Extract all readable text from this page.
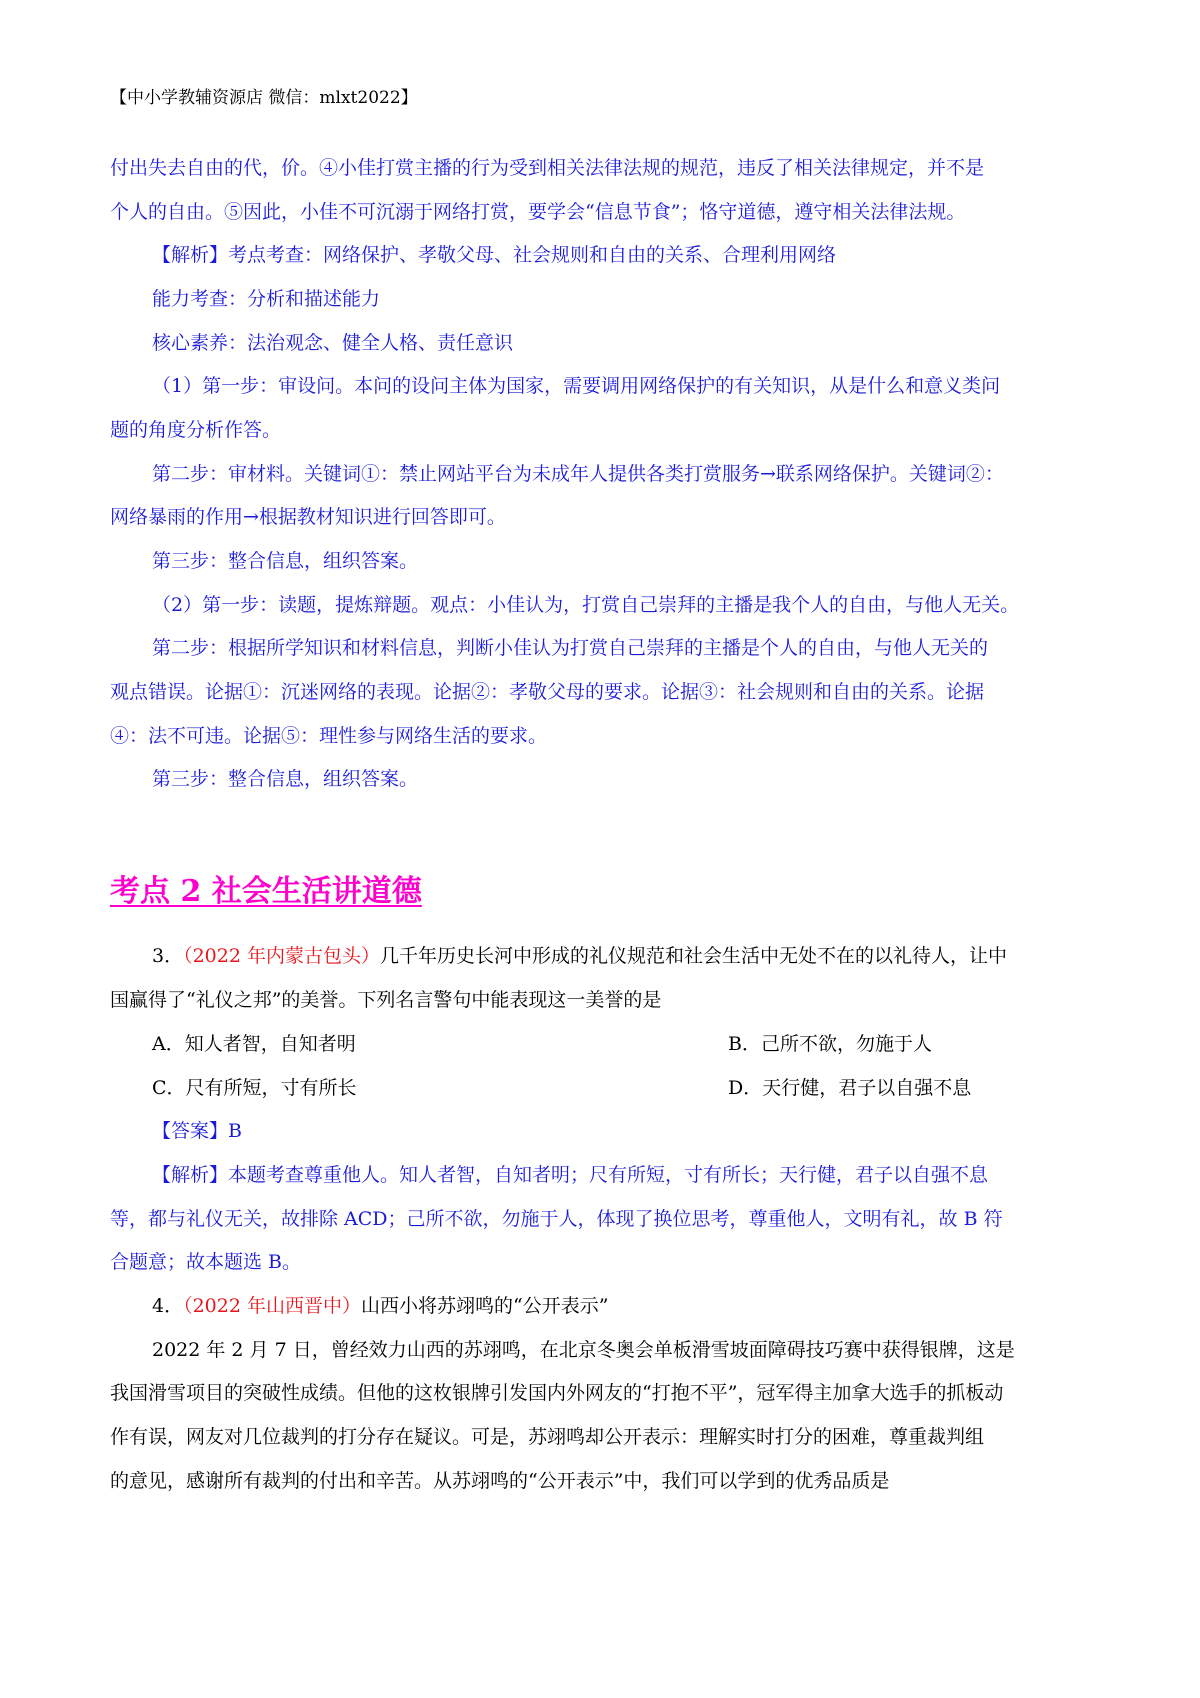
【中小学教辅资源店 微信：mlxt2022】
付出失去自由的代，价。④小佳打赏主播的行为受到相关法律法规的规范，违反了相关法律规定，并不是
个人的自由。⑤因此，小佳不可沉溺于网络打赏，要学会“信息节食”；恪守道德，遵守相关法律法规。
【解析】考点考查：网络保护、孝敬父母、社会规则和自由的关系、合理利用网络
能力考查：分析和描述能力
核心素养：法治观念、健全人格、责任意识
（1）第一步：审设问。本问的设问主体为国家，需要调用网络保护的有关知识，从是什么和意义类问
题的角度分析作答。
第二步：审材料。关键词①：禁止网站平台为未成年人提供各类打赏服务→联系网络保护。关键词②：
网络暴雨的作用→根据教材知识进行回答即可。
第三步：整合信息，组织答案。
（2）第一步：读题，提炼辩题。观点：小佳认为，打赏自己崇拜的主播是我个人的自由，与他人无关。
第二步：根据所学知识和材料信息，判断小佳认为打赏自己崇拜的主播是个人的自由，与他人无关的
观点错误。论据①：沉迷网络的表现。论据②：孝敬父母的要求。论据③：社会规则和自由的关系。论据
④：法不可违。论据⑤：理性参与网络生活的要求。
第三步：整合信息，组织答案。
考点 2 社会生活讲道德
3．（2022 年内蒙古包头）几千年历史长河中形成的礼仪规范和社会生活中无处不在的以礼待人，让中
国赢得了“礼仪之邦”的美誉。下列名言警句中能表现这一美誉的是
A．知人者智，自知者明	B．己所不欲，勿施于人
C．尺有所短，寸有所长	D．天行健，君子以自强不息
【答案】B
【解析】本题考查尊重他人。知人者智，自知者明；尺有所短，寸有所长；天行健，君子以自强不息
等，都与礼仪无关，故排除 ACD；己所不欲，勿施于人，体现了换位思考，尊重他人，文明有礼，故 B 符
合题意；故本题选 B。
4．（2022 年山西晋中）山西小将苏翊鸣的“公开表示”
2022 年 2 月 7 日，曾经效力山西的苏翊鸣，在北京冬奥会单板滑雪坡面障碍技巧赛中获得银牌，这是
我国滑雪项目的突破性成绩。但他的这枚银牌引发国内外网友的“打抱不平”，冠军得主加拿大选手的抓板动
作有误，网友对几位裁判的打分存在疑议。可是，苏翊鸣却公开表示：理解实时打分的困难，尊重裁判组
的意见，感谢所有裁判的付出和辛苦。从苏翊鸣的“公开表示”中，我们可以学到的优秀品质是
